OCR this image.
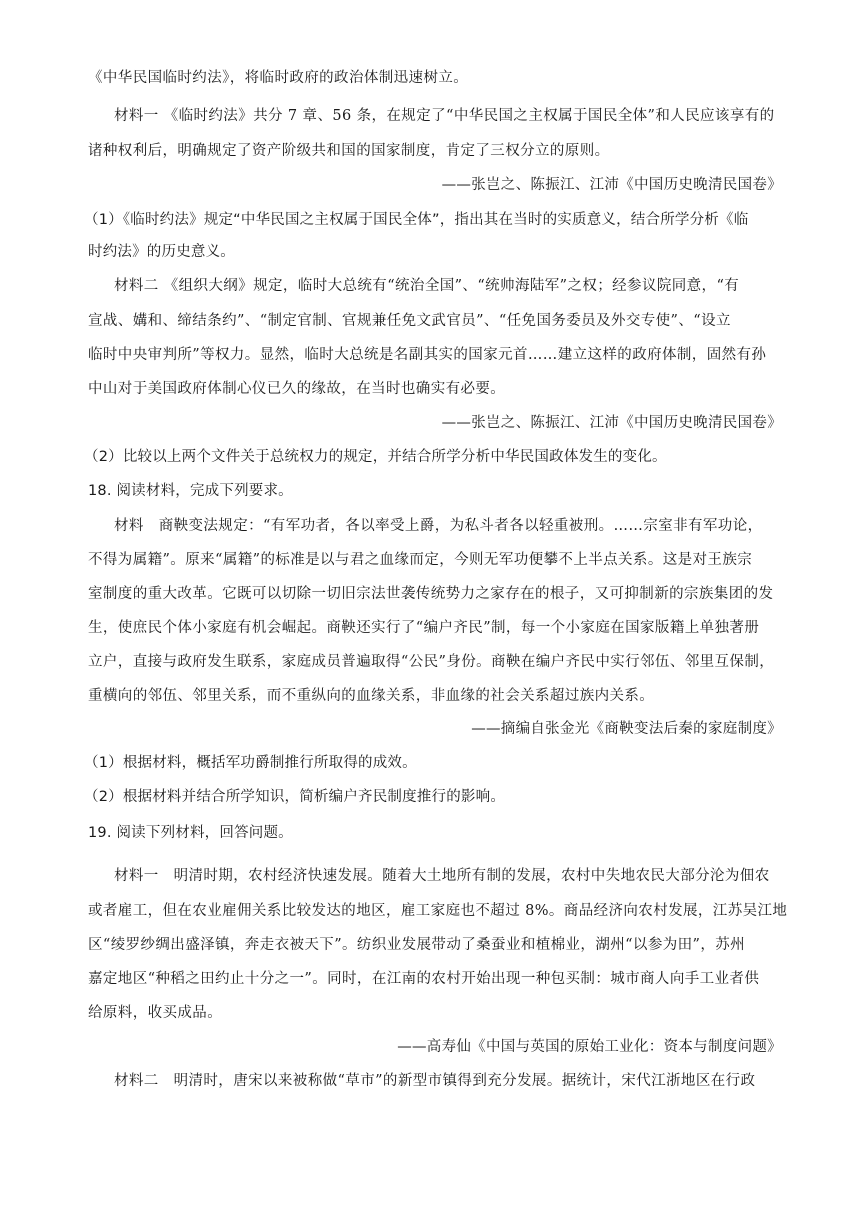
《中华民国临时约法》，将临时政府的政治体制迅速树立。
材料一 《临时约法》共分 7 章、56 条，在规定了“中华民国之主权属于国民全体”和人民应该享有的
诸种权利后，明确规定了资产阶级共和国的国家制度，肯定了三权分立的原则。
——张岂之、陈振江、江沛《中国历史晚清民国卷》
（1）《临时约法》规定“中华民国之主权属于国民全体”，指出其在当时的实质意义，结合所学分析《临
时约法》的历史意义。
材料二 《组织大纲》规定，临时大总统有“统治全国”、“统帅海陆军”之权；经参议院同意，“有
宣战、媾和、缔结条约”、“制定官制、官规兼任免文武官员”、“任免国务委员及外交专使”、“设立
临时中央审判所”等权力。显然，临时大总统是名副其实的国家元首……建立这样的政府体制，固然有孙
中山对于美国政府体制心仪已久的缘故，在当时也确实有必要。
——张岂之、陈振江、江沛《中国历史晚清民国卷》
（2）比较以上两个文件关于总统权力的规定，并结合所学分析中华民国政体发生的变化。
18. 阅读材料，完成下列要求。
材料　商鞅变法规定：“有军功者，各以率受上爵，为私斗者各以轻重被刑。……宗室非有军功论，
不得为属籍”。原来“属籍”的标准是以与君之血缘而定，今则无军功便攀不上半点关系。这是对王族宗
室制度的重大改革。它既可以切除一切旧宗法世袭传统势力之家存在的根子，又可抑制新的宗族集团的发
生，使庶民个体小家庭有机会崛起。商鞅还实行了“编户齐民”制，每一个小家庭在国家版籍上单独著册
立户，直接与政府发生联系，家庭成员普遍取得“公民”身份。商鞅在编户齐民中实行邻伍、邻里互保制，
重横向的邻伍、邻里关系，而不重纵向的血缘关系，非血缘的社会关系超过族内关系。
——摘编自张金光《商鞅变法后秦的家庭制度》
（1）根据材料，概括军功爵制推行所取得的成效。
（2）根据材料并结合所学知识，简析编户齐民制度推行的影响。
19. 阅读下列材料，回答问题。
材料一　明清时期，农村经济快速发展。随着大土地所有制的发展，农村中失地农民大部分沦为佃农
或者雇工，但在农业雇佣关系比较发达的地区，雇工家庭也不超过 8%。商品经济向农村发展，江苏吴江地
区“绫罗纱绸出盛泽镇，奔走衣被天下”。纺织业发展带动了桑蚕业和植棉业，湖州“以参为田”，苏州
嘉定地区“种稻之田约止十分之一”。同时，在江南的农村开始出现一种包买制：城市商人向手工业者供
给原料，收买成品。
——高寿仙《中国与英国的原始工业化：资本与制度问题》
材料二　明清时，唐宋以来被称做“草市”的新型市镇得到充分发展。据统计，宋代江浙地区在行政
